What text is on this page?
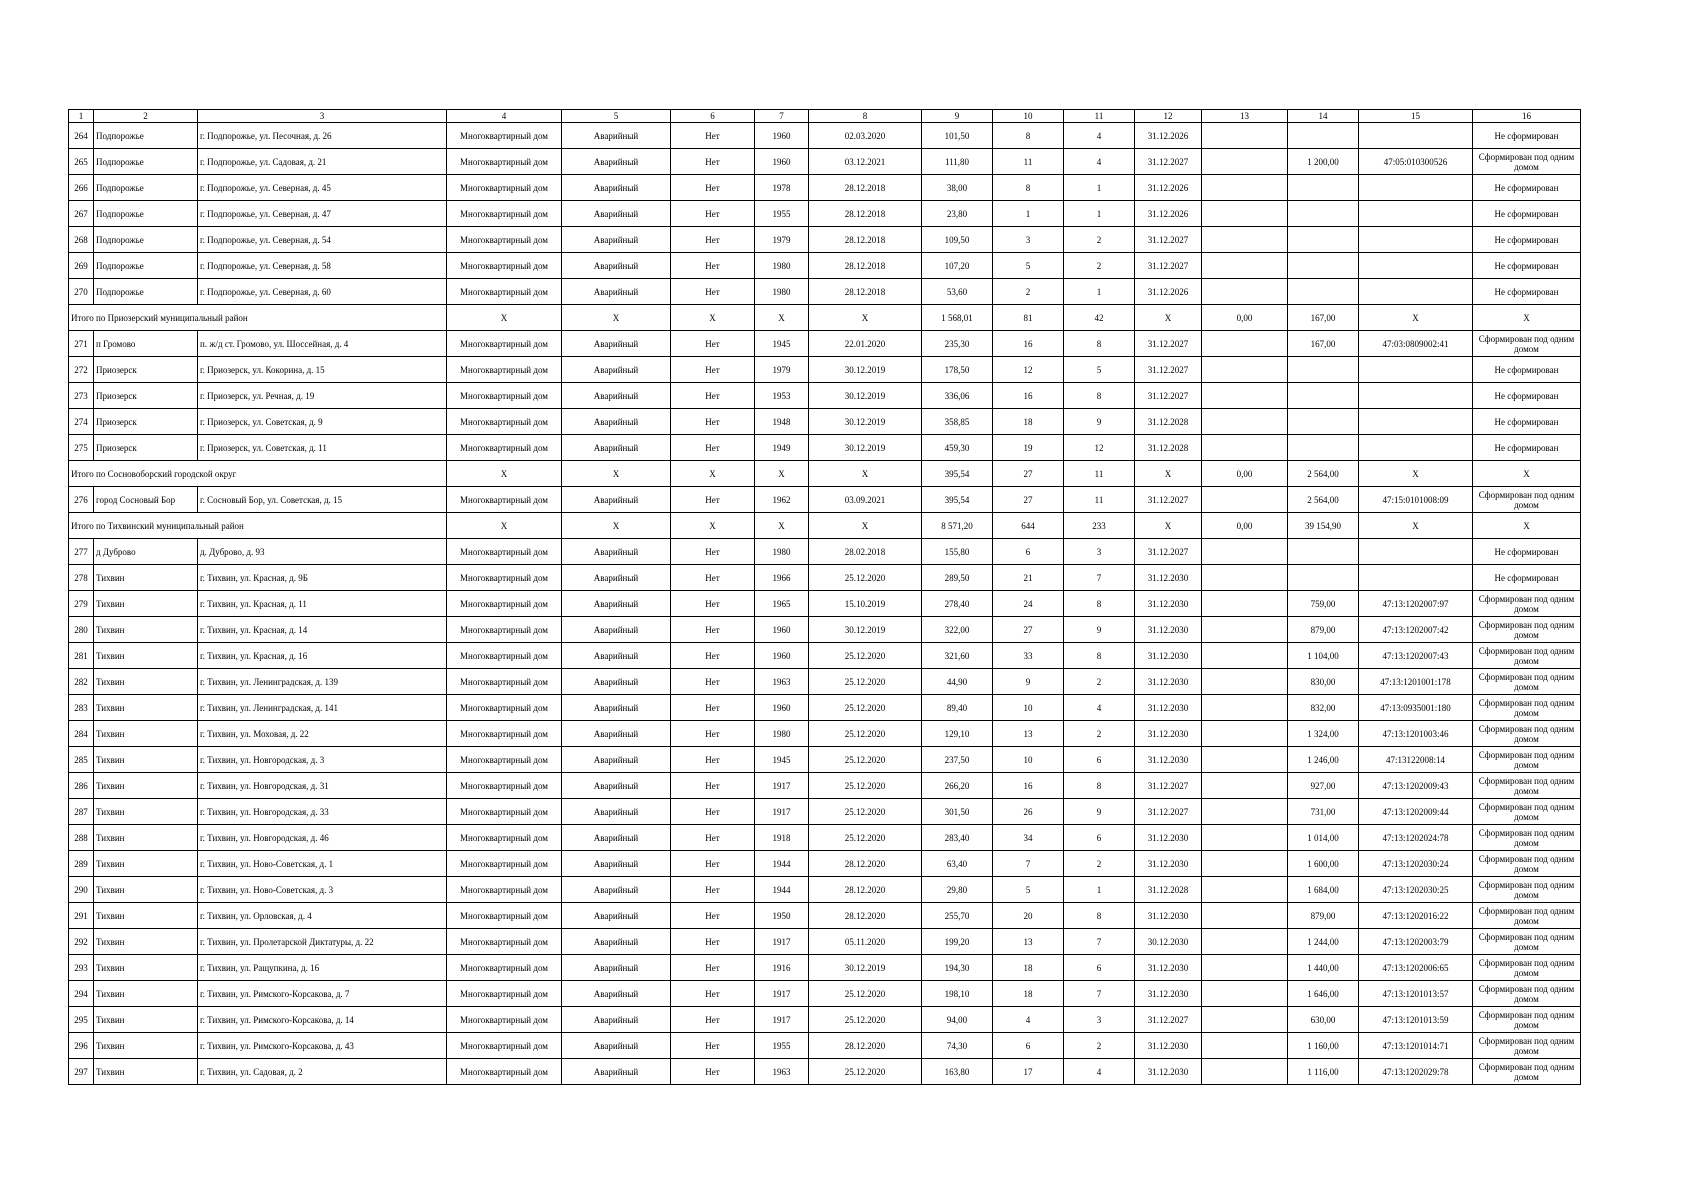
1	2	3	4	5	6	7	8	9	10	11	12	13	14	15	16
264	Подпорожье	г. Подпорожье, ул. Песочная, д. 26	Многоквартирный дом	Аварийный	Нет	1960	02.03.2020	101,50	8	4	31.12.2026				Не сформирован
265	Подпорожье	г. Подпорожье, ул. Садовая, д. 21	Многоквартирный дом	Аварийный	Нет	1960	03.12.2021	111,80	11	4	31.12.2027		1 200,00	47:05:010300526	Сформирован под одним домом
266	Подпорожье	г. Подпорожье, ул. Северная, д. 45	Многоквартирный дом	Аварийный	Нет	1978	28.12.2018	38,00	8	1	31.12.2026				Не сформирован
267	Подпорожье	г. Подпорожье, ул. Северная, д. 47	Многоквартирный дом	Аварийный	Нет	1955	28.12.2018	23,80	1	1	31.12.2026				Не сформирован
268	Подпорожье	г. Подпорожье, ул. Северная, д. 54	Многоквартирный дом	Аварийный	Нет	1979	28.12.2018	109,50	3	2	31.12.2027				Не сформирован
269	Подпорожье	г. Подпорожье, ул. Северная, д. 58	Многоквартирный дом	Аварийный	Нет	1980	28.12.2018	107,20	5	2	31.12.2027				Не сформирован
270	Подпорожье	г. Подпорожье, ул. Северная, д. 60	Многоквартирный дом	Аварийный	Нет	1980	28.12.2018	53,60	2	1	31.12.2026				Не сформирован
Итого по Приозерский муниципальный район			X	X	X	X	X	1 568,01	81	42	X	0,00	167,00	X	X
271	п Громово	п. ж/д ст. Громово, ул. Шоссейная, д. 4	Многоквартирный дом	Аварийный	Нет	1945	22.01.2020	235,30	16	8	31.12.2027		167,00	47:03:0809002:41	Сформирован под одним домом
272	Приозерск	г. Приозерск, ул. Кокорина, д. 15	Многоквартирный дом	Аварийный	Нет	1979	30.12.2019	178,50	12	5	31.12.2027				Не сформирован
273	Приозерск	г. Приозерск, ул. Речная, д. 19	Многоквартирный дом	Аварийный	Нет	1953	30.12.2019	336,06	16	8	31.12.2027				Не сформирован
274	Приозерск	г. Приозерск, ул. Советская, д. 9	Многоквартирный дом	Аварийный	Нет	1948	30.12.2019	358,85	18	9	31.12.2028				Не сформирован
275	Приозерск	г. Приозерск, ул. Советская, д. 11	Многоквартирный дом	Аварийный	Нет	1949	30.12.2019	459,30	19	12	31.12.2028				Не сформирован
Итого по Сосновоборский городской округ			X	X	X	X	X	395,54	27	11	X	0,00	2 564,00	X	X
276	город Сосновый Бор	г. Сосновый Бор, ул. Советская, д. 15	Многоквартирный дом	Аварийный	Нет	1962	03.09.2021	395,54	27	11	31.12.2027		2 564,00	47:15:0101008:09	Сформирован под одним домом
Итого по Тихвинский муниципальный район			X	X	X	X	X	8 571,20	644	233	X	0,00	39 154,90	X	X
277	д Дуброво	д. Дуброво, д. 93	Многоквартирный дом	Аварийный	Нет	1980	28.02.2018	155,80	6	3	31.12.2027				Не сформирован
278	Тихвин	г. Тихвин, ул. Красная, д. 9Б	Многоквартирный дом	Аварийный	Нет	1966	25.12.2020	289,50	21	7	31.12.2030				Не сформирован
279	Тихвин	г. Тихвин, ул. Красная, д. 11	Многоквартирный дом	Аварийный	Нет	1965	15.10.2019	278,40	24	8	31.12.2030		759,00	47:13:1202007:97	Сформирован под одним домом
280	Тихвин	г. Тихвин, ул. Красная, д. 14	Многоквартирный дом	Аварийный	Нет	1960	30.12.2019	322,00	27	9	31.12.2030		879,00	47:13:1202007:42	Сформирован под одним домом
281	Тихвин	г. Тихвин, ул. Красная, д. 16	Многоквартирный дом	Аварийный	Нет	1960	25.12.2020	321,60	33	8	31.12.2030		1 104,00	47:13:1202007:43	Сформирован под одним домом
282	Тихвин	г. Тихвин, ул. Ленинградская, д. 139	Многоквартирный дом	Аварийный	Нет	1963	25.12.2020	44,90	9	2	31.12.2030		830,00	47:13:1201001:178	Сформирован под одним домом
283	Тихвин	г. Тихвин, ул. Ленинградская, д. 141	Многоквартирный дом	Аварийный	Нет	1960	25.12.2020	89,40	10	4	31.12.2030		832,00	47:13:0935001:180	Сформирован под одним домом
284	Тихвин	г. Тихвин, ул. Моховая, д. 22	Многоквартирный дом	Аварийный	Нет	1980	25.12.2020	129,10	13	2	31.12.2030		1 324,00	47:13:1201003:46	Сформирован под одним домом
285	Тихвин	г. Тихвин, ул. Новгородская, д. 3	Многоквартирный дом	Аварийный	Нет	1945	25.12.2020	237,50	10	6	31.12.2030		1 246,00	47:13122008:14	Сформирован под одним домом
286	Тихвин	г. Тихвин, ул. Новгородская, д. 31	Многоквартирный дом	Аварийный	Нет	1917	25.12.2020	266,20	16	8	31.12.2027		927,00	47:13:1202009:43	Сформирован под одним домом
287	Тихвин	г. Тихвин, ул. Новгородская, д. 33	Многоквартирный дом	Аварийный	Нет	1917	25.12.2020	301,50	26	9	31.12.2027		731,00	47:13:1202009:44	Сформирован под одним домом
288	Тихвин	г. Тихвин, ул. Новгородская, д. 46	Многоквартирный дом	Аварийный	Нет	1918	25.12.2020	283,40	34	6	31.12.2030		1 014,00	47:13:1202024:78	Сформирован под одним домом
289	Тихвин	г. Тихвин, ул. Ново-Советская, д. 1	Многоквартирный дом	Аварийный	Нет	1944	28.12.2020	63,40	7	2	31.12.2030		1 600,00	47:13:1202030:24	Сформирован под одним домом
290	Тихвин	г. Тихвин, ул. Ново-Советская, д. 3	Многоквартирный дом	Аварийный	Нет	1944	28.12.2020	29,80	5	1	31.12.2028		1 684,00	47:13:1202030:25	Сформирован под одним домом
291	Тихвин	г. Тихвин, ул. Орловская, д. 4	Многоквартирный дом	Аварийный	Нет	1950	28.12.2020	255,70	20	8	31.12.2030		879,00	47:13:1202016:22	Сформирован под одним домом
292	Тихвин	г. Тихвин, ул. Пролетарской Диктатуры, д. 22	Многоквартирный дом	Аварийный	Нет	1917	05.11.2020	199,20	13	7	30.12.2030		1 244,00	47:13:1202003:79	Сформирован под одним домом
293	Тихвин	г. Тихвин, ул. Ращупкина, д. 16	Многоквартирный дом	Аварийный	Нет	1916	30.12.2019	194,30	18	6	31.12.2030		1 440,00	47:13:1202006:65	Сформирован под одним домом
294	Тихвин	г. Тихвин, ул. Римского-Корсакова, д. 7	Многоквартирный дом	Аварийный	Нет	1917	25.12.2020	198,10	18	7	31.12.2030		1 646,00	47:13:1201013:57	Сформирован под одним домом
295	Тихвин	г. Тихвин, ул. Римского-Корсакова, д. 14	Многоквартирный дом	Аварийный	Нет	1917	25.12.2020	94,00	4	3	31.12.2027		630,00	47:13:1201013:59	Сформирован под одним домом
296	Тихвин	г. Тихвин, ул. Римского-Корсакова, д. 43	Многоквартирный дом	Аварийный	Нет	1955	28.12.2020	74,30	6	2	31.12.2030		1 160,00	47:13:1201014:71	Сформирован под одним домом
297	Тихвин	г. Тихвин, ул. Садовая, д. 2	Многоквартирный дом	Аварийный	Нет	1963	25.12.2020	163,80	17	4	31.12.2030		1 116,00	47:13:1202029:78	Сформирован под одним домом
